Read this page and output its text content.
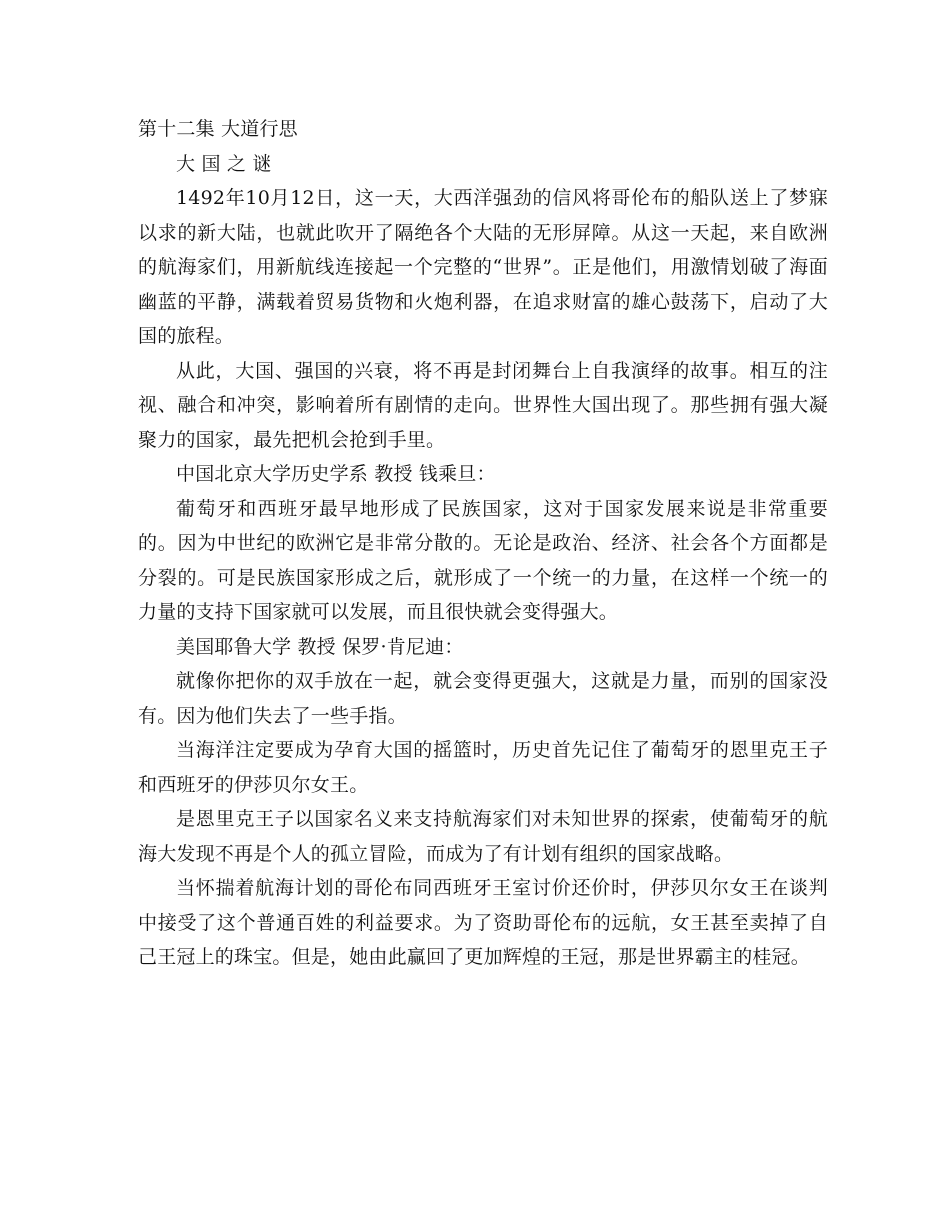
第十二集 大道行思

大 国 之 谜

1492年10月12日，这一天，大西洋强劲的信风将哥伦布的船队送上了梦寐以求的新大陆，也就此吹开了隔绝各个大陆的无形屏障。从这一天起，来自欧洲的航海家们，用新航线连接起一个完整的“世界”。正是他们，用激情划破了海面幽蓝的平静，满载着贸易货物和火炮利器，在追求财富的雄心鼓荡下，启动了大国的旅程。

从此，大国、强国的兴衰，将不再是封闭舞台上自我演绎的故事。相互的注视、融合和冲突，影响着所有剧情的走向。世界性大国出现了。那些拥有强大凝聚力的国家，最先把机会抢到手里。

中国北京大学历史学系 教授 钱乘旦：

葡萄牙和西班牙最早地形成了民族国家，这对于国家发展来说是非常重要的。因为中世纪的欧洲它是非常分散的。无论是政治、经济、社会各个方面都是分裂的。可是民族国家形成之后，就形成了一个统一的力量，在这样一个统一的力量的支持下国家就可以发展，而且很快就会变得强大。

美国耶鲁大学 教授 保罗·肯尼迪：

就像你把你的双手放在一起，就会变得更强大，这就是力量，而别的国家没有。因为他们失去了一些手指。

当海洋注定要成为孕育大国的摇篮时，历史首先记住了葡萄牙的恩里克王子和西班牙的伊莎贝尔女王。

是恩里克王子以国家名义来支持航海家们对未知世界的探索，使葡萄牙的航海大发现不再是个人的孤立冒险，而成为了有计划有组织的国家战略。

当怀揣着航海计划的哥伦布同西班牙王室讨价还价时，伊莎贝尔女王在谈判中接受了这个普通百姓的利益要求。为了资助哥伦布的远航，女王甚至卖掉了自己王冠上的珠宝。但是，她由此赢回了更加辉煌的王冠，那是世界霸主的桂冠。
